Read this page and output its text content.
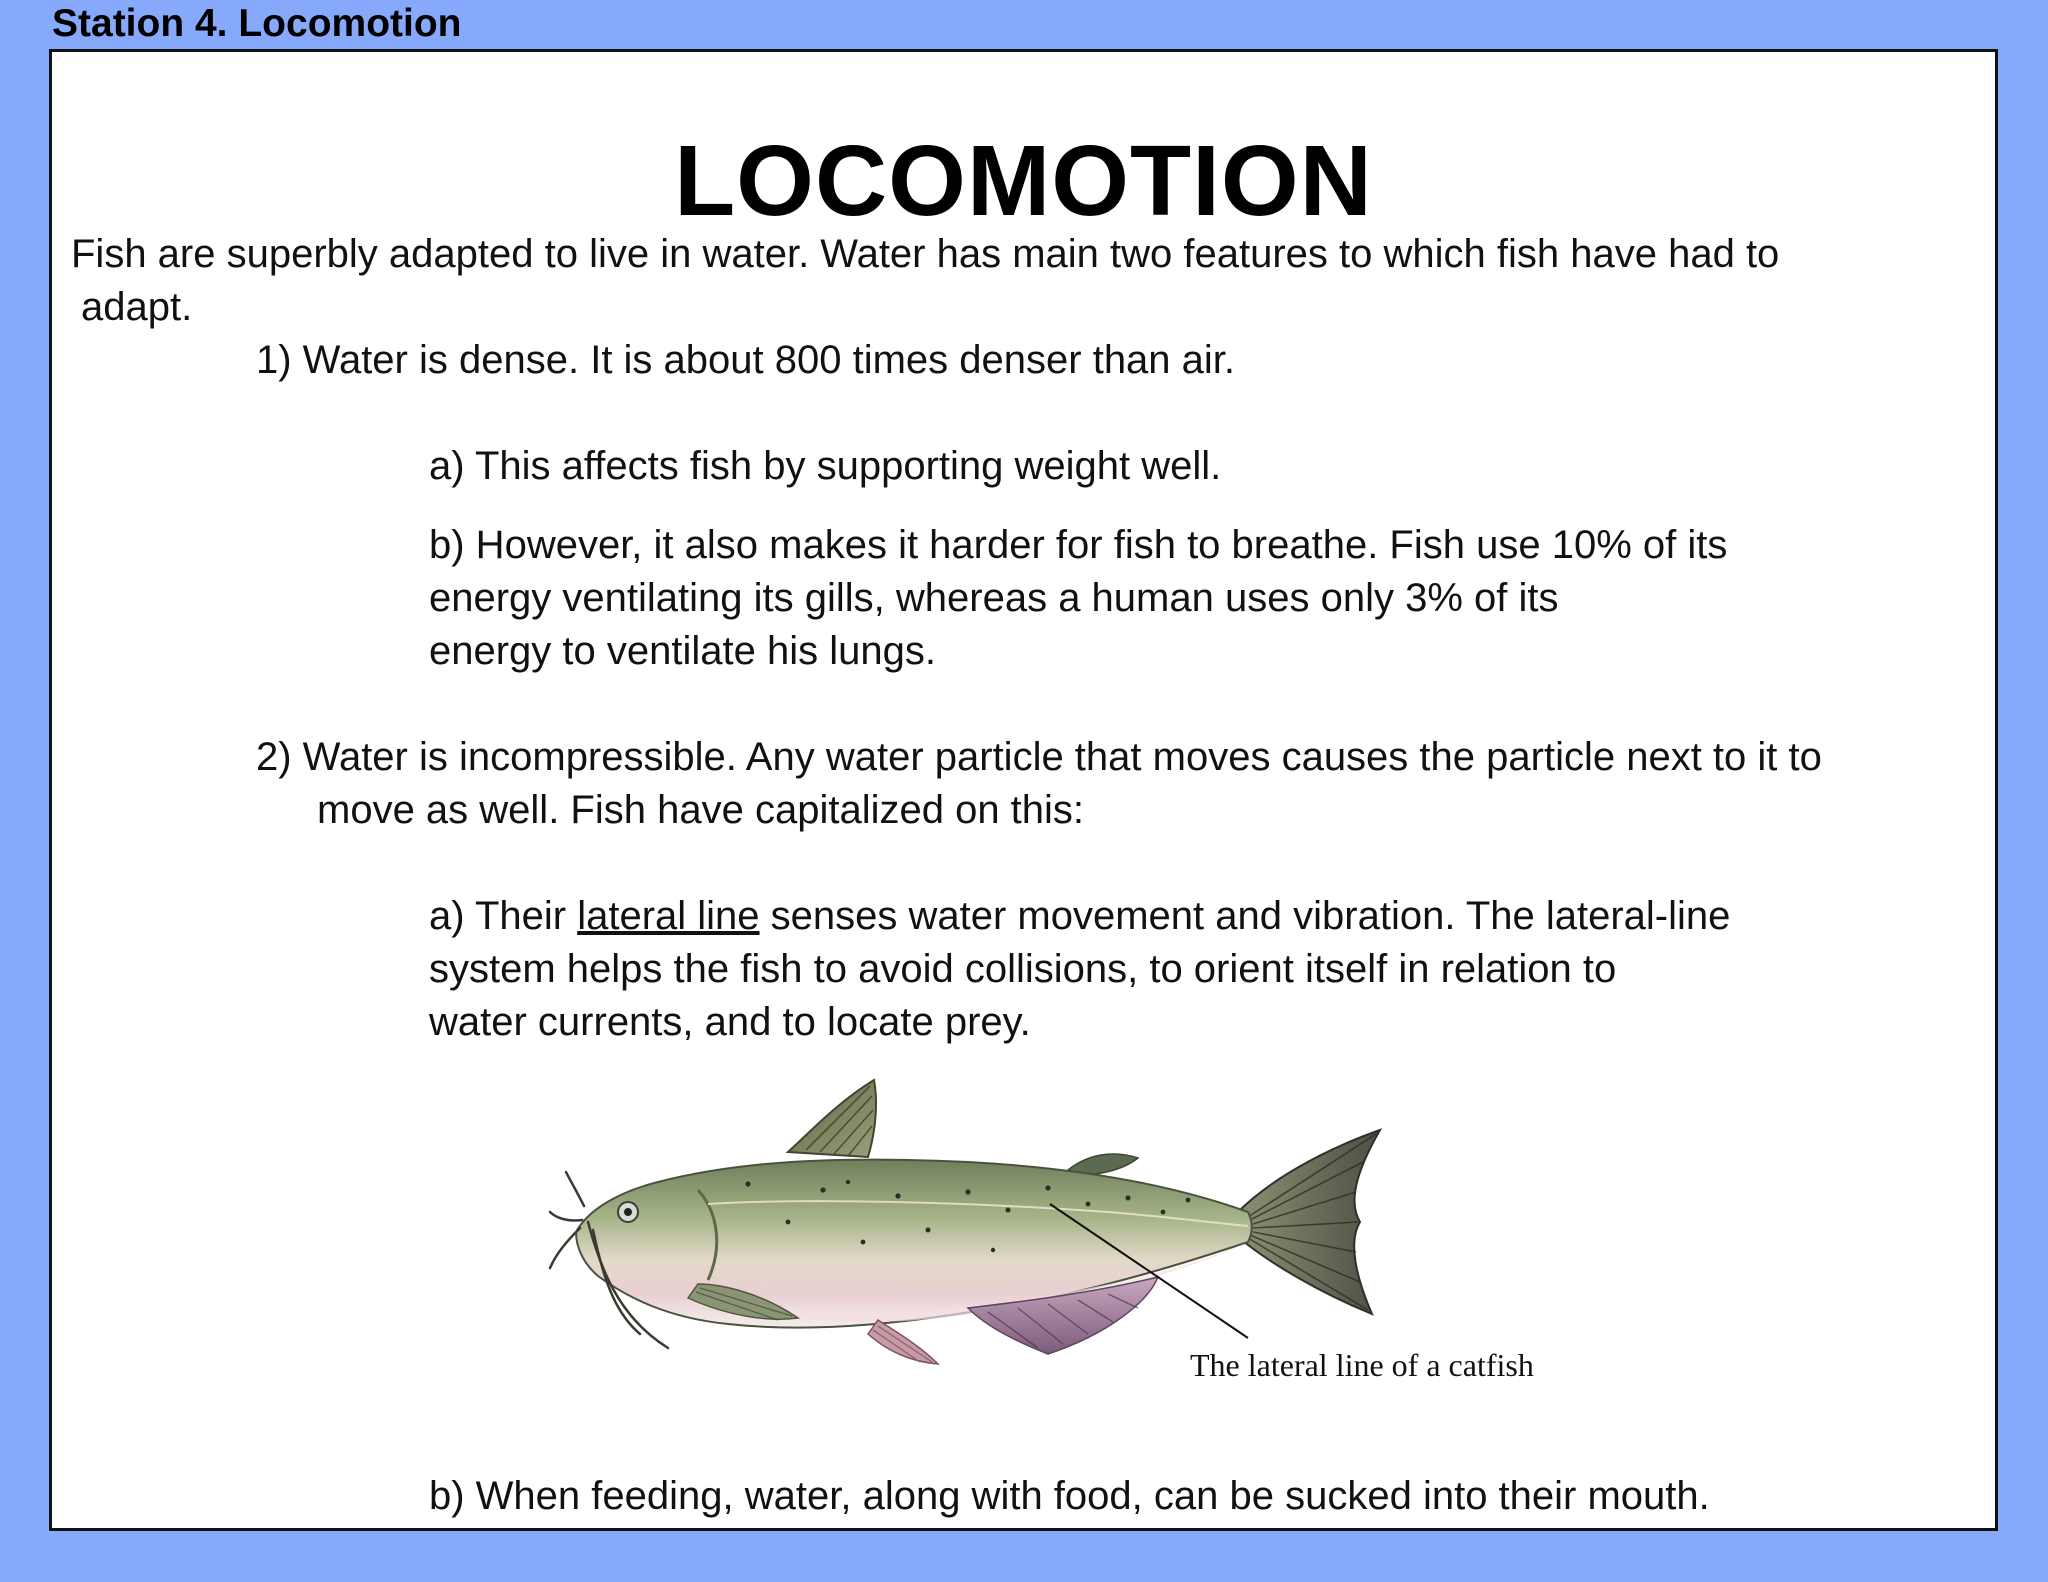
Station 4. Locomotion
LOCOMOTION
Fish are superbly adapted to live in water. Water has main two features to which fish have had to
adapt.
1) Water is dense. It is about 800 times denser than air.
a) This affects fish by supporting weight well.
b) However, it also makes it harder for fish to breathe. Fish use 10% of its
energy ventilating its gills, whereas a human uses only 3% of its
energy to ventilate his lungs.
2) Water is incompressible. Any water particle that moves causes the particle next to it to
move as well. Fish have capitalized on this:
a) Their lateral line senses water movement and vibration. The lateral-line
system helps the fish to avoid collisions, to orient itself in relation to
water currents, and to locate prey.
b) When feeding, water, along with food, can be sucked into their mouth.
The lateral line of a catfish
